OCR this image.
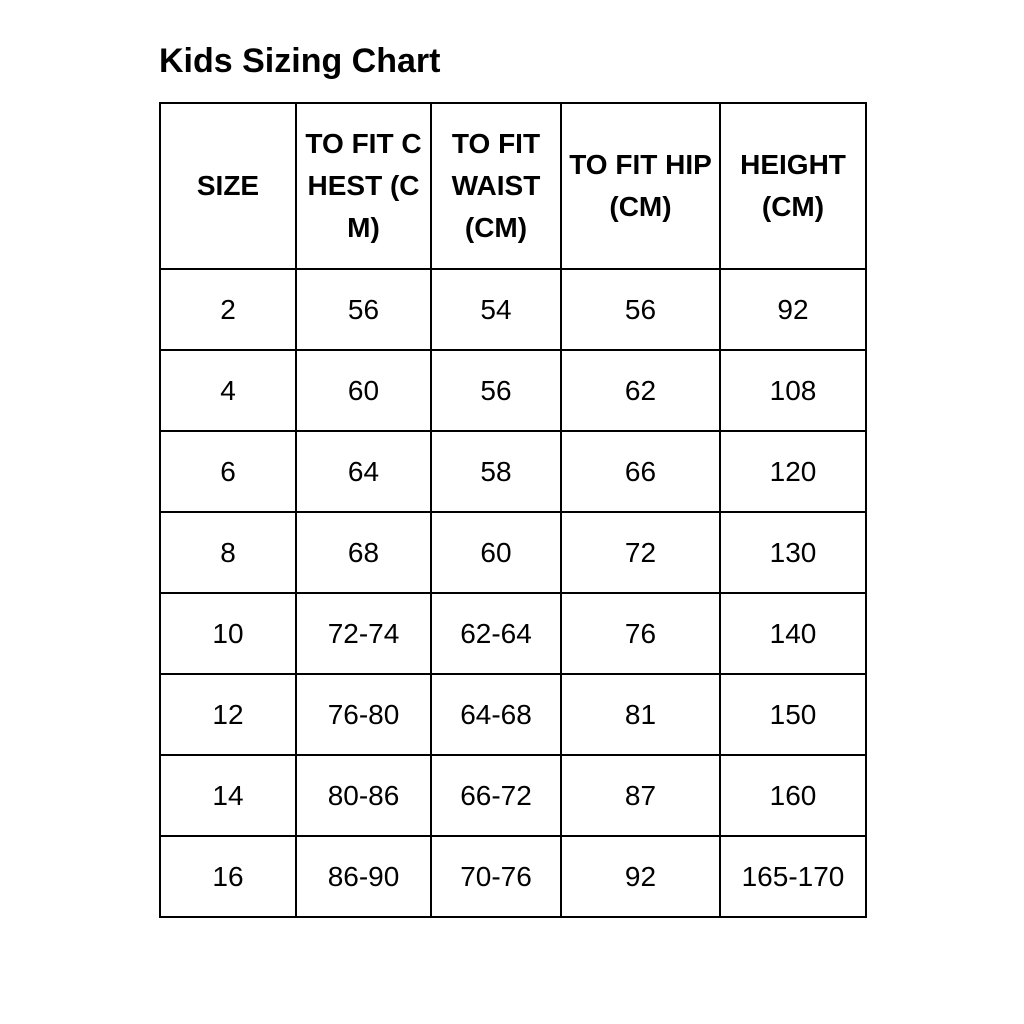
Kids Sizing Chart
SIZE	TO FIT CHEST (CM)	TO FIT WAIST (CM)	TO FIT HIP (CM)	HEIGHT (CM)
2	56	54	56	92
4	60	56	62	108
6	64	58	66	120
8	68	60	72	130
10	72-74	62-64	76	140
12	76-80	64-68	81	150
14	80-86	66-72	87	160
16	86-90	70-76	92	165-170
